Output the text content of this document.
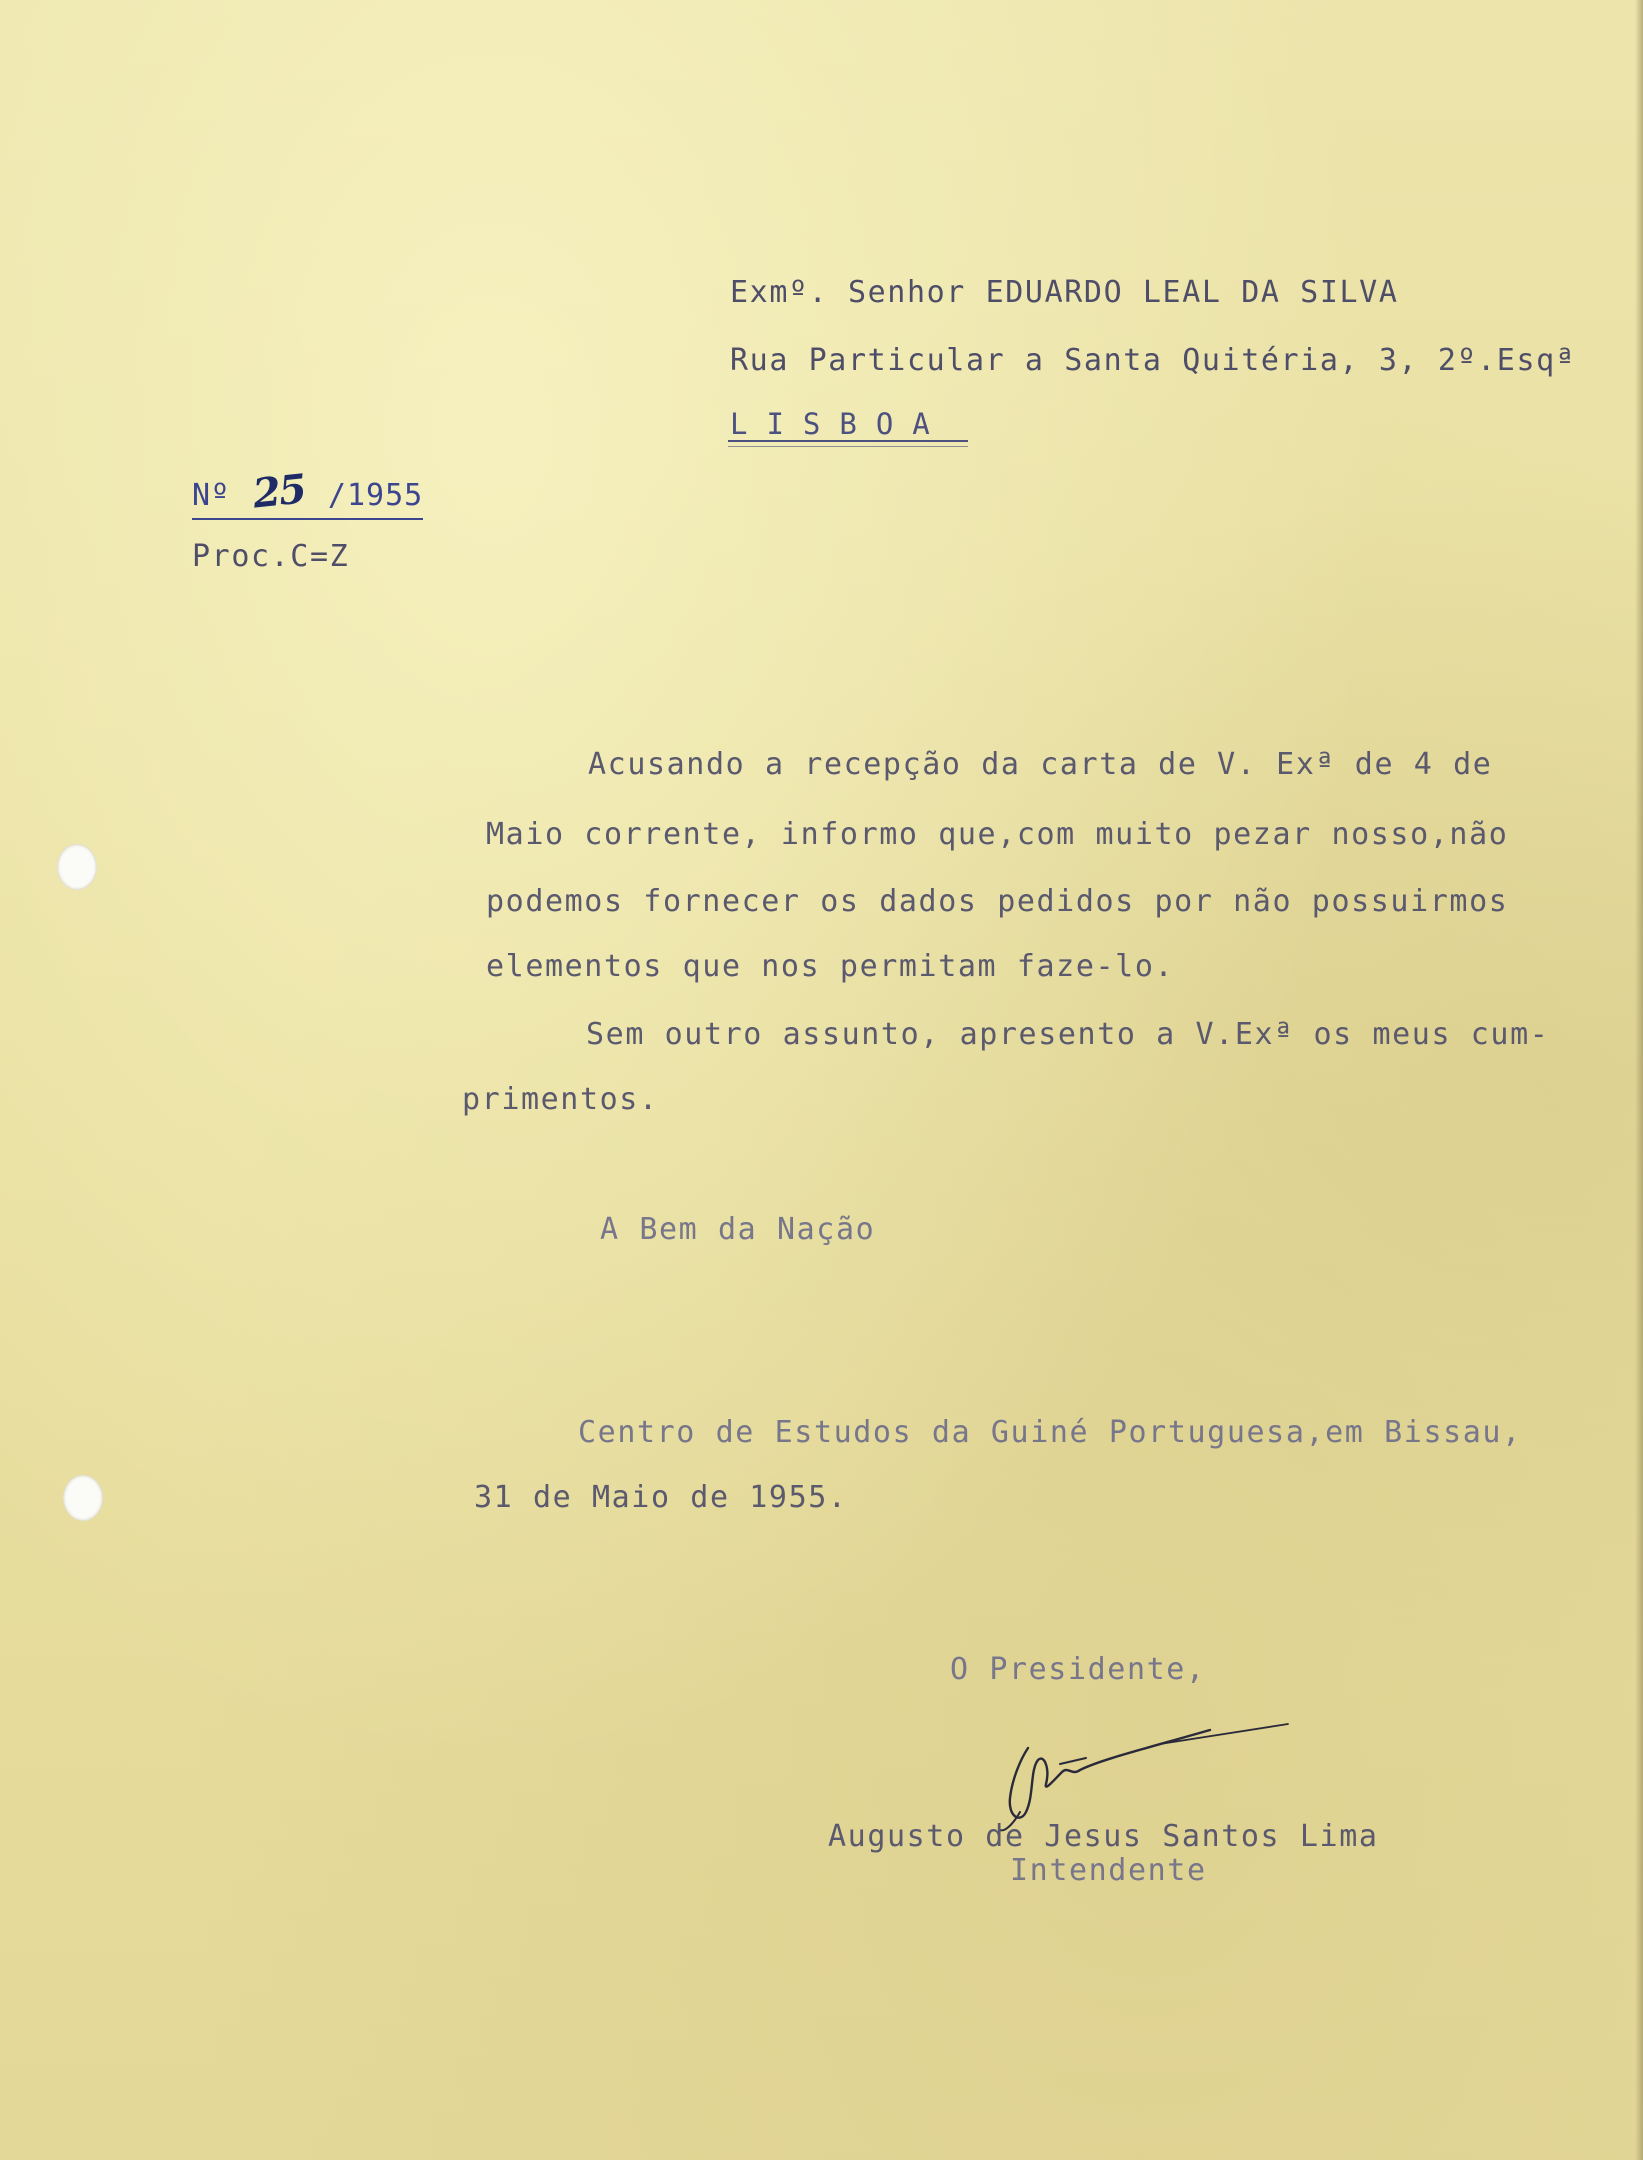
Exmº. Senhor EDUARDO LEAL DA SILVA
Rua Particular a Santa Quitéria, 3, 2º.Esqª
LISBOA
Nº 25 /1955
Proc.C=Z
Acusando a recepção da carta de V. Exª de 4 de
Maio corrente, informo que,com muito pezar nosso,não
podemos fornecer os dados pedidos por não possuirmos
elementos que nos permitam faze-lo.
Sem outro assunto, apresento a V.Exª os meus cum-
primentos.
A Bem da Nação
Centro de Estudos da Guiné Portuguesa,em Bissau,
31 de Maio de 1955.
O Presidente,
Augusto de Jesus Santos Lima
Intendente
